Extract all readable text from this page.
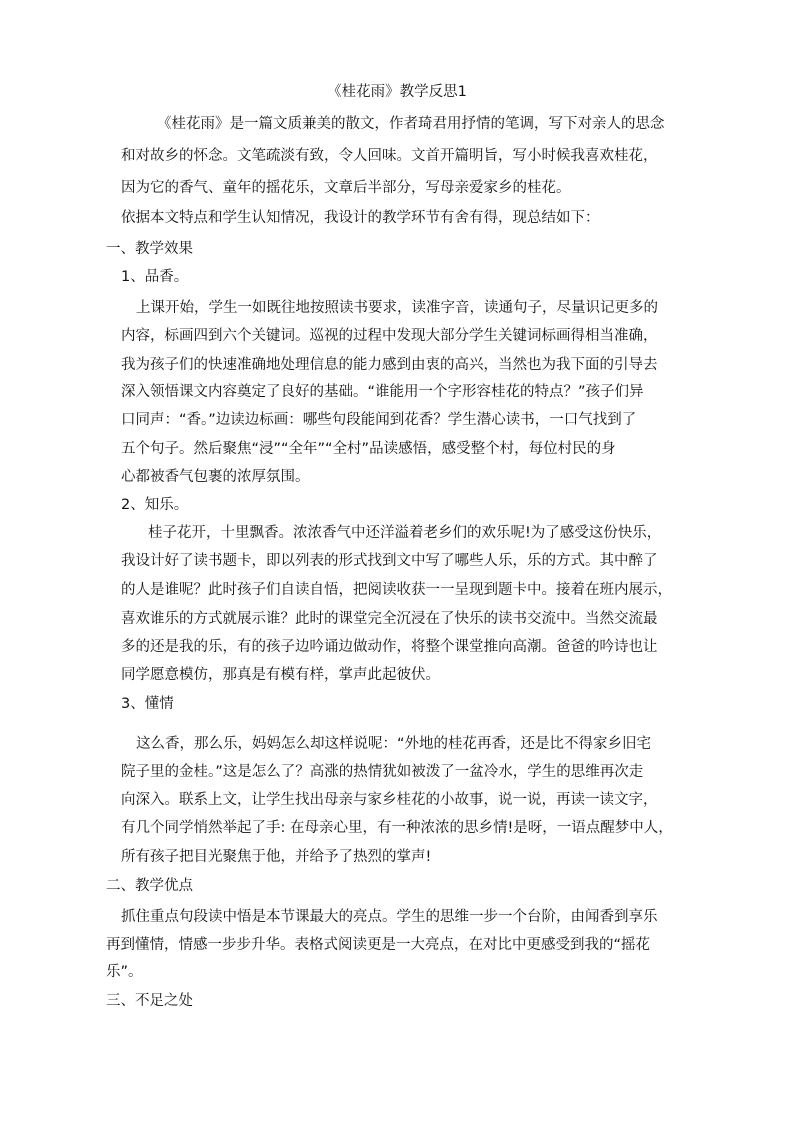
《桂花雨》教学反思1
《桂花雨》是一篇文质兼美的散文，作者琦君用抒情的笔调，写下对亲人的思念
和对故乡的怀念。文笔疏淡有致，令人回味。文首开篇明旨，写小时候我喜欢桂花，
因为它的香气、童年的摇花乐，文章后半部分，写母亲爱家乡的桂花。
依据本文特点和学生认知情况，我设计的教学环节有舍有得，现总结如下：
一、教学效果
1、品香。
上课开始，学生一如既往地按照读书要求，读准字音，读通句子，尽量识记更多的
内容，标画四到六个关键词。巡视的过程中发现大部分学生关键词标画得相当准确，
我为孩子们的快速准确地处理信息的能力感到由衷的高兴，当然也为我下面的引导去
深入领悟课文内容奠定了良好的基础。“谁能用一个字形容桂花的特点？”孩子们异
口同声：“香。”边读边标画：哪些句段能闻到花香？学生潜心读书，一口气找到了
五个句子。然后聚焦“浸”“全年”“全村”品读感悟，感受整个村，每位村民的身
心都被香气包裹的浓厚氛围。
2、知乐。
桂子花开，十里飘香。浓浓香气中还洋溢着老乡们的欢乐呢!为了感受这份快乐，
我设计好了读书题卡，即以列表的形式找到文中写了哪些人乐，乐的方式。其中醉了
的人是谁呢？此时孩子们自读自悟，把阅读收获一一呈现到题卡中。接着在班内展示，
喜欢谁乐的方式就展示谁？此时的课堂完全沉浸在了快乐的读书交流中。当然交流最
多的还是我的乐，有的孩子边吟诵边做动作，将整个课堂推向高潮。爸爸的吟诗也让
同学愿意模仿，那真是有模有样，掌声此起彼伏。
3、懂情
这么香，那么乐，妈妈怎么却这样说呢：“外地的桂花再香，还是比不得家乡旧宅
院子里的金桂。”这是怎么了？高涨的热情犹如被泼了一盆冷水，学生的思维再次走
向深入。联系上文，让学生找出母亲与家乡桂花的小故事，说一说，再读一读文字，
有几个同学悄然举起了手: 在母亲心里，有一种浓浓的思乡情!是呀，一语点醒梦中人，
所有孩子把目光聚焦于他，并给予了热烈的掌声!
二、教学优点
抓住重点句段读中悟是本节课最大的亮点。学生的思维一步一个台阶，由闻香到享乐
再到懂情，情感一步步升华。表格式阅读更是一大亮点，在对比中更感受到我的“摇花
乐”。
三、不足之处
